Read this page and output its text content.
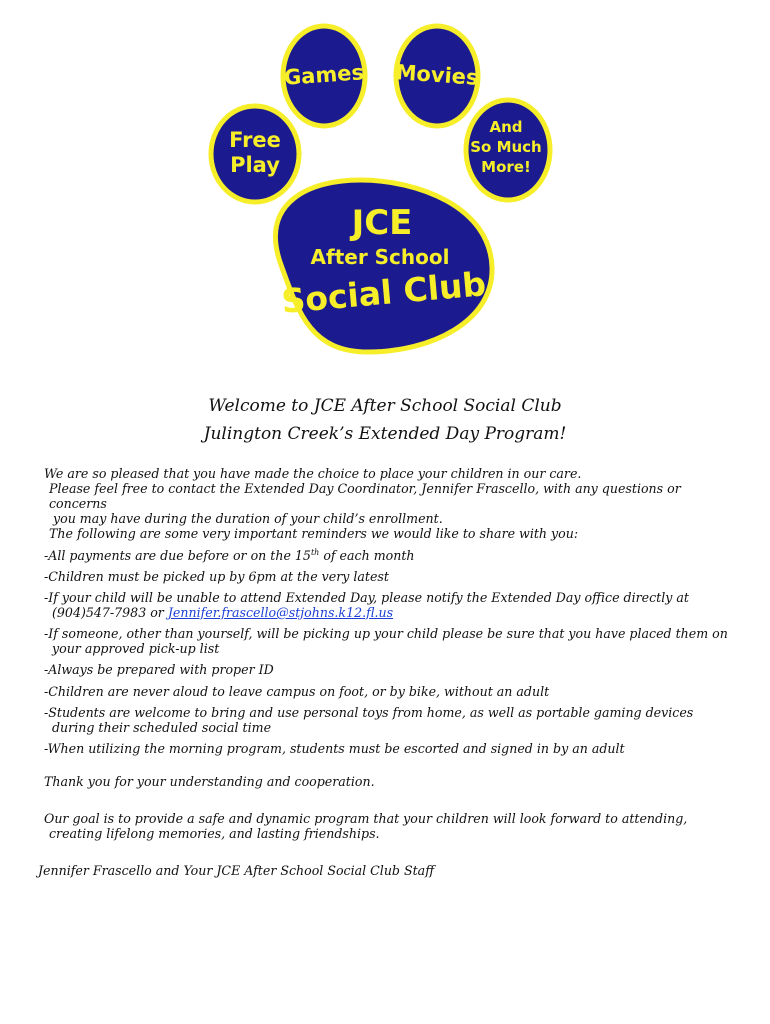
Games Movies
Free
Play
And
So Much
More!
JCE
After School
Social Club

Welcome to JCE After School Social Club

Julington Creek’s Extended Day Program!

We are so pleased that you have made the choice to place your children in our care.

Please feel free to contact the Extended Day Coordinator, Jennifer Frascello, with any questions or concerns

you may have during the duration of your child’s enrollment.

The following are some very important reminders we would like to share with you:

-All payments are due before or on the 15th of each month
-Children must be picked up by 6pm at the very latest
-If your child will be unable to attend Extended Day, please notify the Extended Day office directly at
(904)547-7983 or Jennifer.frascello@stjohns.k12.fl.us
-If someone, other than yourself, will be picking up your child please be sure that you have placed them on
your approved pick-up list
-Always be prepared with proper ID
-Children are never aloud to leave campus on foot, or by bike, without an adult
-Students are welcome to bring and use personal toys from home, as well as portable gaming devices
during their scheduled social time
-When utilizing the morning program, students must be escorted and signed in by an adult

Thank you for your understanding and cooperation.

Our goal is to provide a safe and dynamic program that your children will look forward to attending,

creating lifelong memories, and lasting friendships.

Jennifer Frascello and Your JCE After School Social Club Staff
